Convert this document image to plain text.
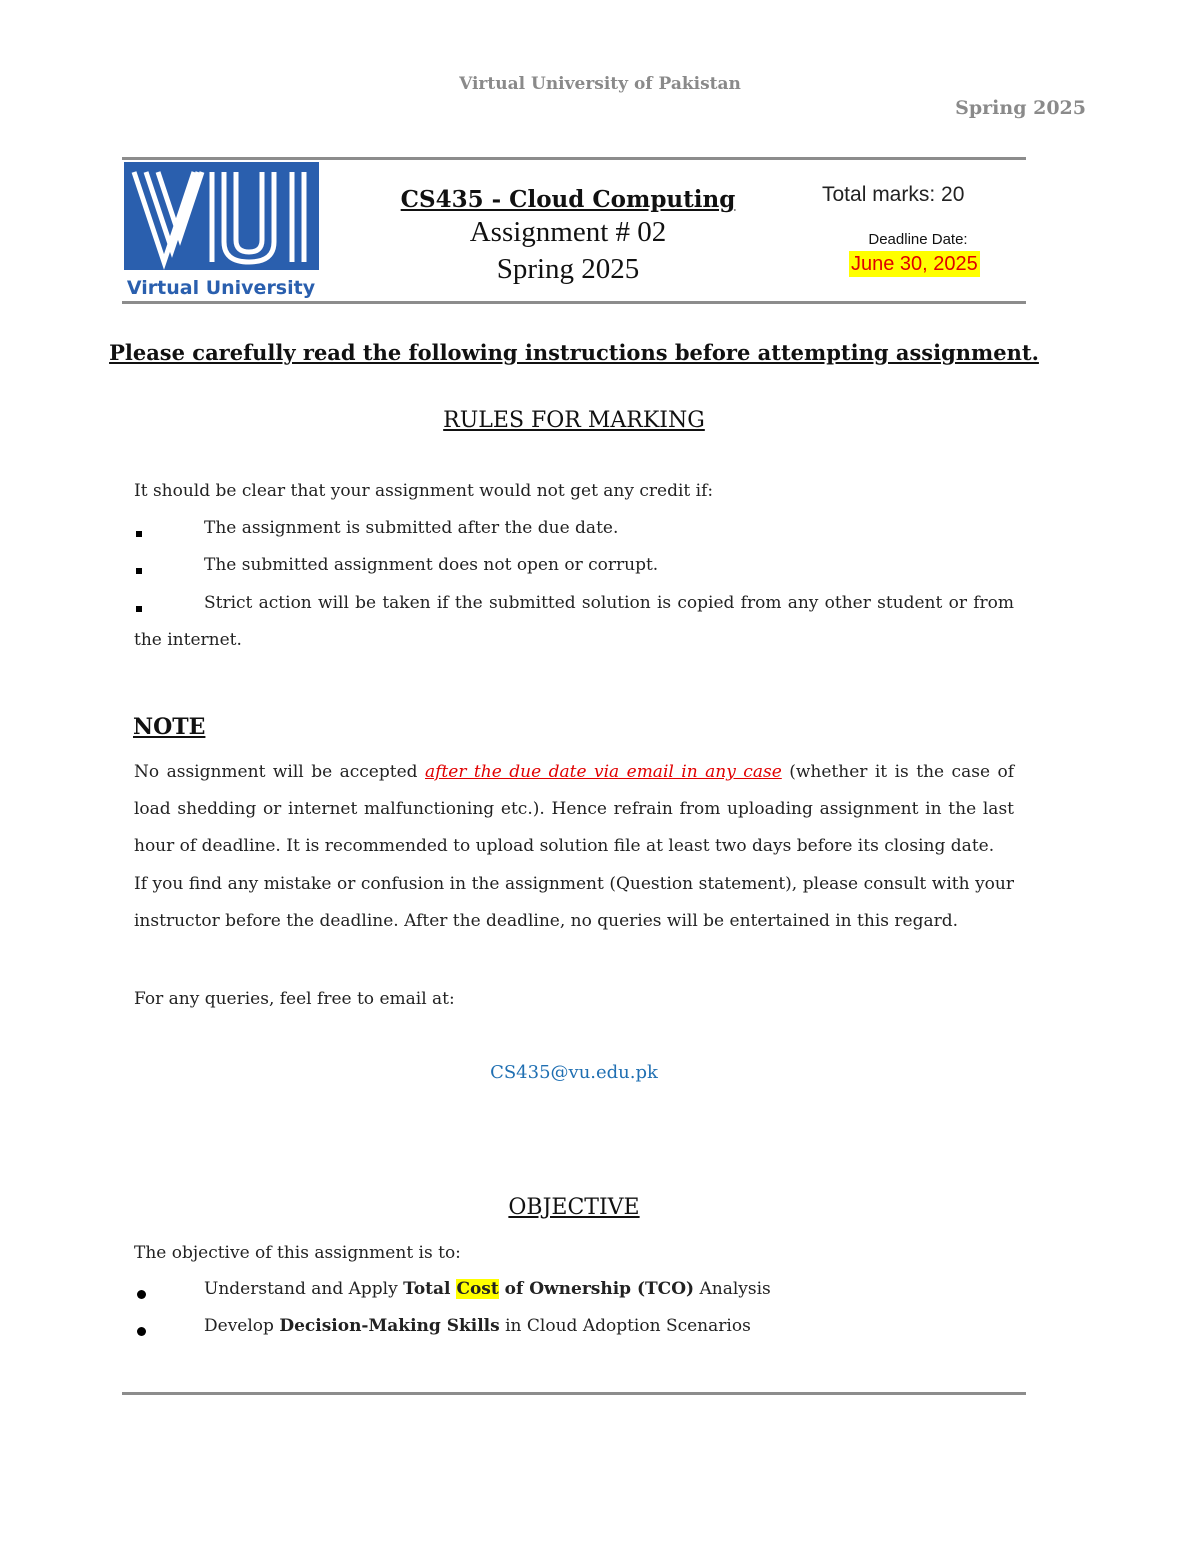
Virtual University of Pakistan
Spring 2025
Virtual University
CS435 - Cloud Computing
Assignment # 02
Spring 2025
Total marks: 20
Deadline Date:
June 30, 2025
Please carefully read the following instructions before attempting assignment.
RULES FOR MARKING
It should be clear that your assignment would not get any credit if:
The assignment is submitted after the due date.
The submitted assignment does not open or corrupt.
Strict action will be taken if the submitted solution is copied from any other student or from the internet.
NOTE
No assignment will be accepted after the due date via email in any case (whether it is the case of load shedding or internet malfunctioning etc.). Hence refrain from uploading assignment in the last hour of deadline. It is recommended to upload solution file at least two days before its closing date.
If you find any mistake or confusion in the assignment (Question statement), please consult with your instructor before the deadline. After the deadline, no queries will be entertained in this regard.
For any queries, feel free to email at:
CS435@vu.edu.pk
OBJECTIVE
The objective of this assignment is to:
Understand and Apply Total Cost of Ownership (TCO) Analysis
Develop Decision-Making Skills in Cloud Adoption Scenarios
